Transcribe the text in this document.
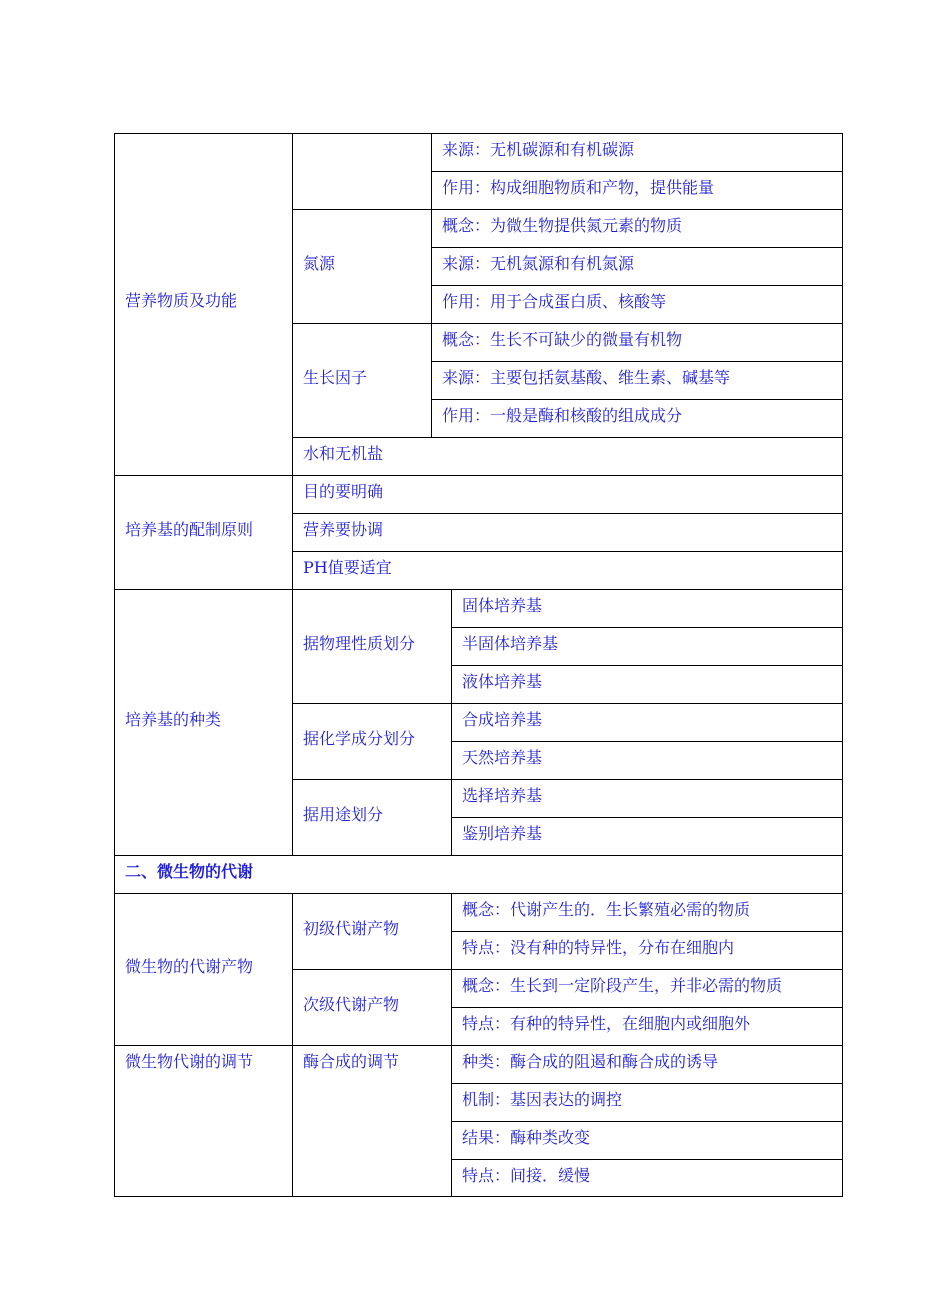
营养物质及功能

来源：无机碳源和有机碳源

作用：构成细胞物质和产物，提供能量

氮源

概念：为微生物提供氮元素的物质

来源：无机氮源和有机氮源

作用：用于合成蛋白质、核酸等

生长因子

概念：生长不可缺少的微量有机物

来源：主要包括氨基酸、维生素、碱基等

作用：一般是酶和核酸的组成成分

水和无机盐

培养基的配制原则

目的要明确

营养要协调

PH值要适宜

培养基的种类

据物理性质划分

固体培养基

半固体培养基

液体培养基

据化学成分划分

合成培养基

天然培养基

据用途划分

选择培养基

鉴别培养基

二、微生物的代谢

微生物的代谢产物

初级代谢产物

概念：代谢产生的．生长繁殖必需的物质

特点：没有种的特异性，分布在细胞内

次级代谢产物

概念：生长到一定阶段产生，并非必需的物质

特点：有种的特异性，在细胞内或细胞外

微生物代谢的调节	酶合成的调节	种类：酶合成的阻遏和酶合成的诱导

机制：基因表达的调控

结果：酶种类改变

特点：间接．缓慢
